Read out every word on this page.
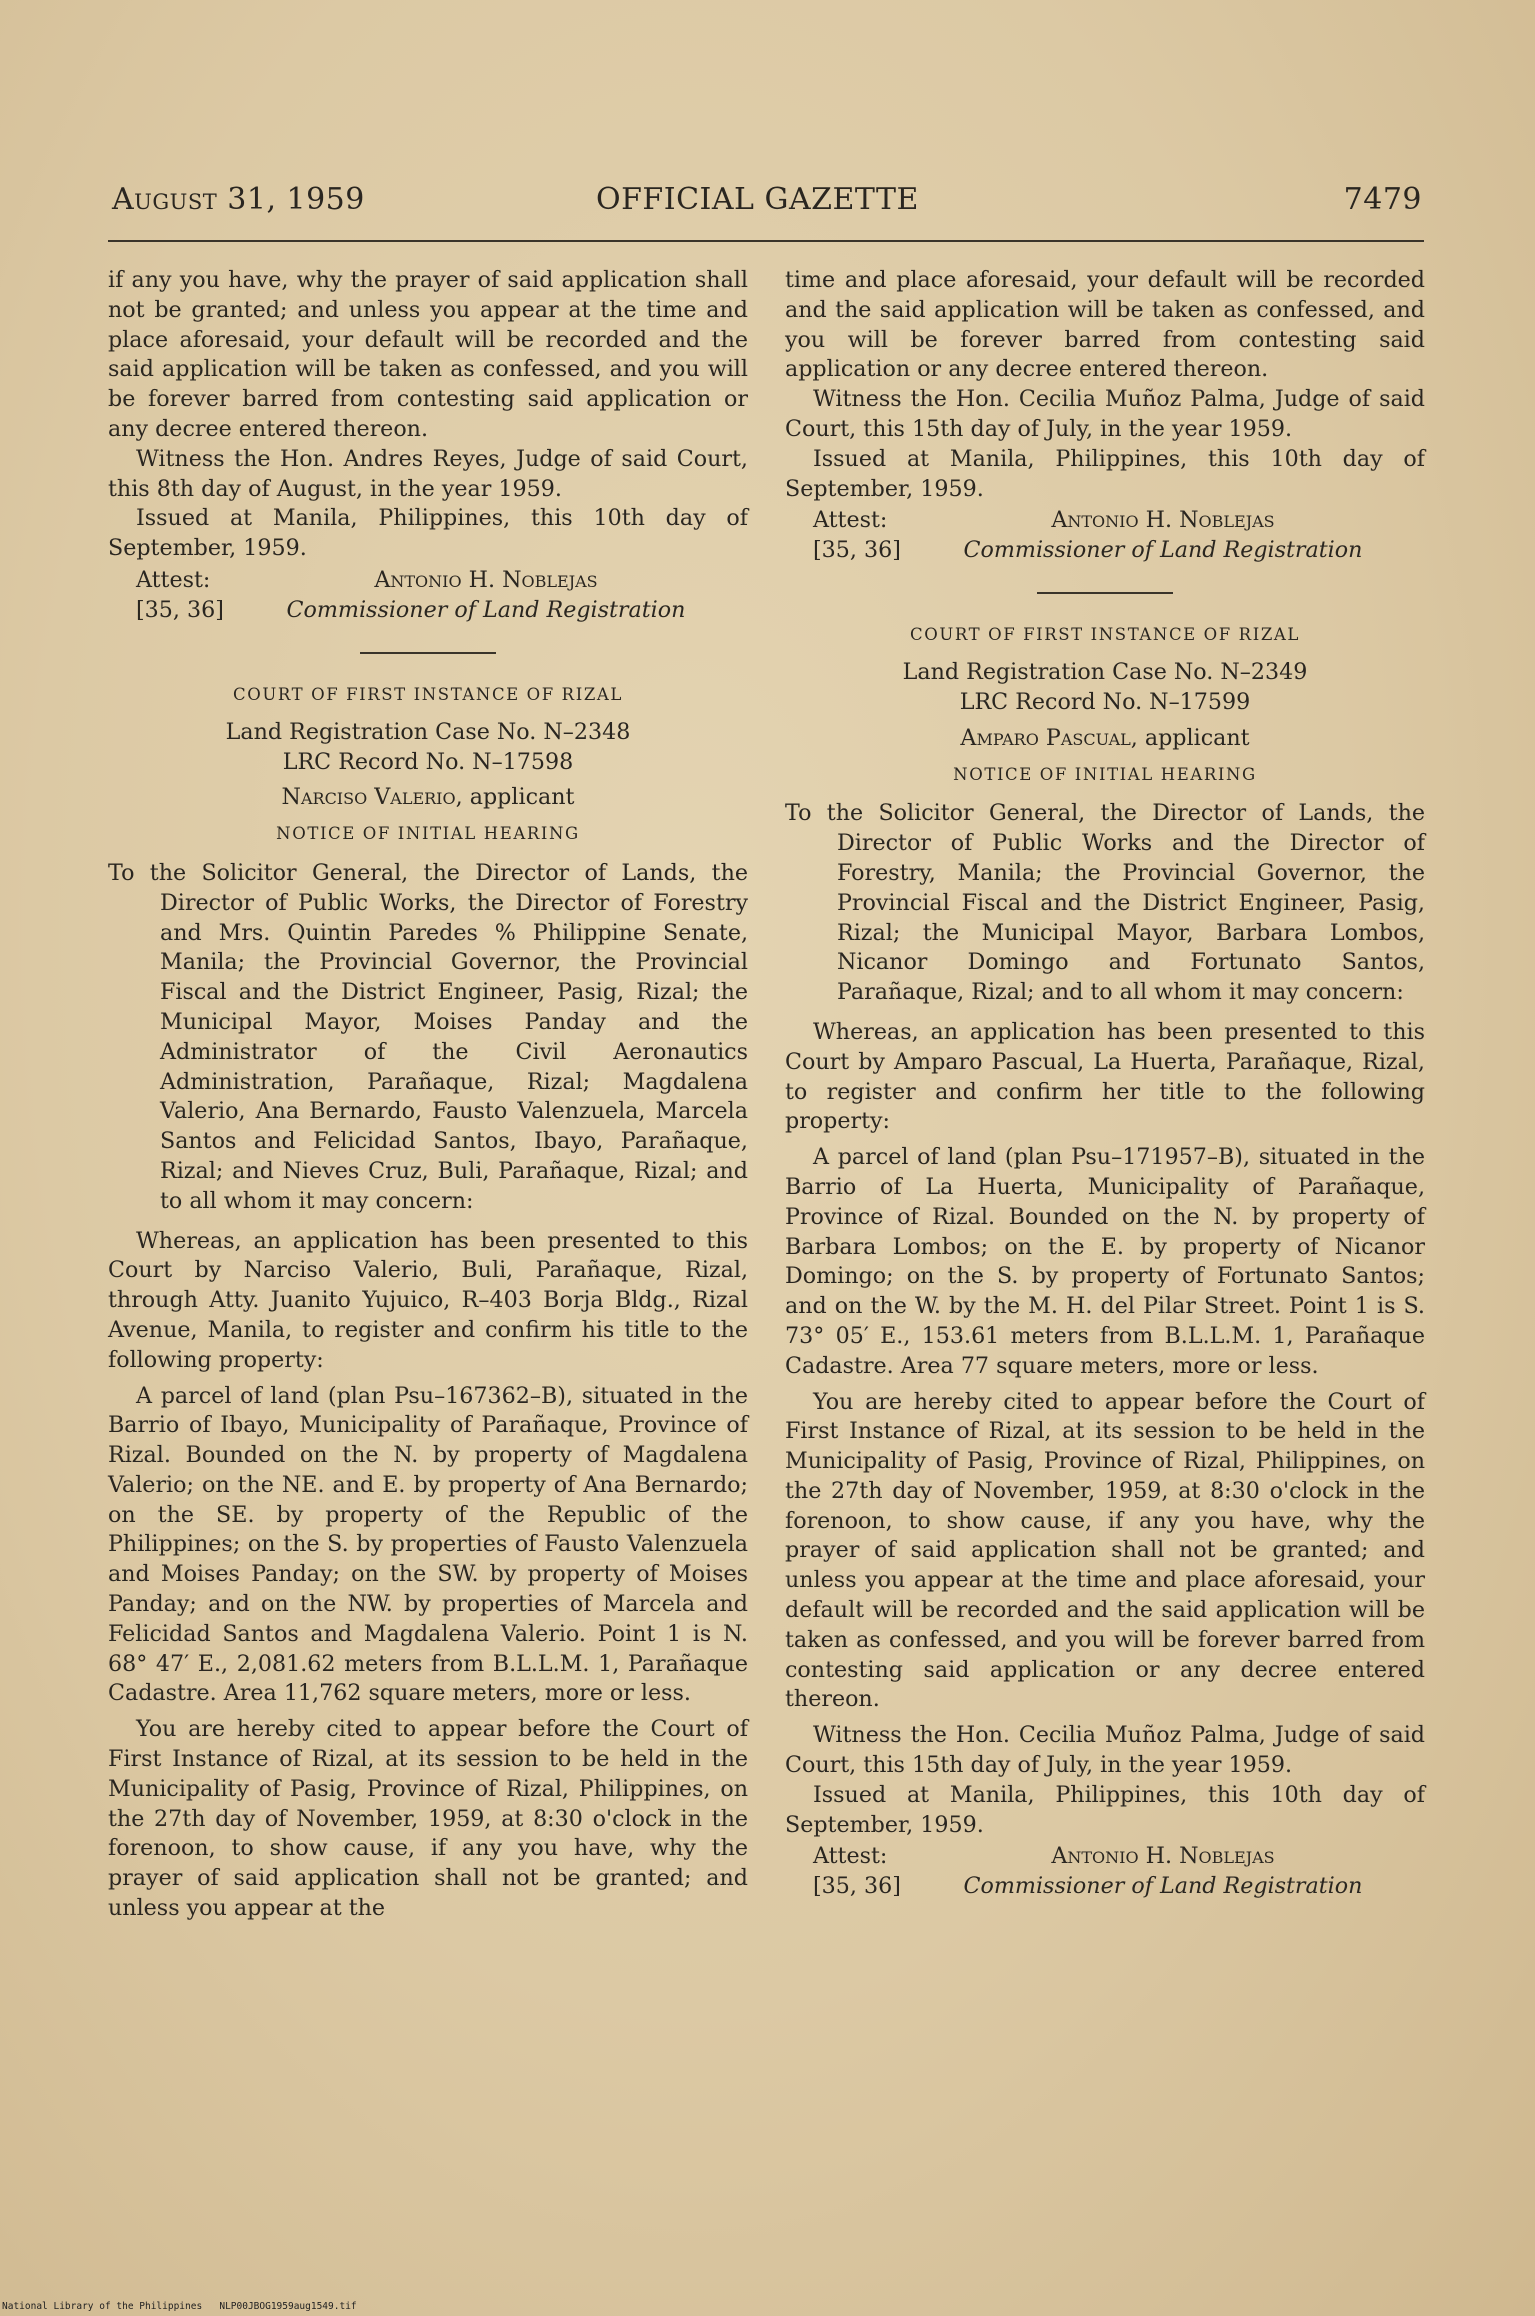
August 31, 1959	OFFICIAL GAZETTE	7479

if any you have, why the prayer of said application shall not be granted; and unless you appear at the time and place aforesaid, your default will be recorded and the said application will be taken as confessed, and you will be forever barred from contesting said application or any decree entered thereon.

Witness the Hon. Andres Reyes, Judge of said Court, this 8th day of August, in the year 1959.

Issued at Manila, Philippines, this 10th day of September, 1959.

Attest:	Antonio H. Noblejas
[35, 36]	Commissioner of Land Registration

COURT OF FIRST INSTANCE OF RIZAL

Land Registration Case No. N–2348

LRC Record No. N–17598

Narciso Valerio, applicant

NOTICE OF INITIAL HEARING

To the Solicitor General, the Director of Lands, the Director of Public Works, the Director of Forestry and Mrs. Quintin Paredes % Philippine Senate, Manila; the Provincial Governor, the Provincial Fiscal and the District Engineer, Pasig, Rizal; the Municipal Mayor, Moises Panday and the Administrator of the Civil Aeronautics Administration, Parañaque, Rizal; Magdalena Valerio, Ana Bernardo, Fausto Valenzuela, Marcela Santos and Felicidad Santos, Ibayo, Parañaque, Rizal; and Nieves Cruz, Buli, Parañaque, Rizal; and to all whom it may concern:

Whereas, an application has been presented to this Court by Narciso Valerio, Buli, Parañaque, Rizal, through Atty. Juanito Yujuico, R–403 Borja Bldg., Rizal Avenue, Manila, to register and confirm his title to the following property:

A parcel of land (plan Psu–167362–B), situated in the Barrio of Ibayo, Municipality of Parañaque, Province of Rizal. Bounded on the N. by property of Magdalena Valerio; on the NE. and E. by property of Ana Bernardo; on the SE. by property of the Republic of the Philippines; on the S. by properties of Fausto Valenzuela and Moises Panday; on the SW. by property of Moises Panday; and on the NW. by properties of Marcela and Felicidad Santos and Magdalena Valerio. Point 1 is N. 68° 47′ E., 2,081.62 meters from B.L.L.M. 1, Parañaque Cadastre. Area 11,762 square meters, more or less.

You are hereby cited to appear before the Court of First Instance of Rizal, at its session to be held in the Municipality of Pasig, Province of Rizal, Philippines, on the 27th day of November, 1959, at 8:30 o'clock in the forenoon, to show cause, if any you have, why the prayer of said application shall not be granted; and unless you appear at the

time and place aforesaid, your default will be recorded and the said application will be taken as confessed, and you will be forever barred from contesting said application or any decree entered thereon.

Witness the Hon. Cecilia Muñoz Palma, Judge of said Court, this 15th day of July, in the year 1959.

Issued at Manila, Philippines, this 10th day of September, 1959.

Attest:	Antonio H. Noblejas
[35, 36]	Commissioner of Land Registration

COURT OF FIRST INSTANCE OF RIZAL

Land Registration Case No. N–2349

LRC Record No. N–17599

Amparo Pascual, applicant

NOTICE OF INITIAL HEARING

To the Solicitor General, the Director of Lands, the Director of Public Works and the Director of Forestry, Manila; the Provincial Governor, the Provincial Fiscal and the District Engineer, Pasig, Rizal; the Municipal Mayor, Barbara Lombos, Nicanor Domingo and Fortunato Santos, Parañaque, Rizal; and to all whom it may concern:

Whereas, an application has been presented to this Court by Amparo Pascual, La Huerta, Parañaque, Rizal, to register and confirm her title to the following property:

A parcel of land (plan Psu–171957–B), situated in the Barrio of La Huerta, Municipality of Parañaque, Province of Rizal. Bounded on the N. by property of Barbara Lombos; on the E. by property of Nicanor Domingo; on the S. by property of Fortunato Santos; and on the W. by the M. H. del Pilar Street. Point 1 is S. 73° 05′ E., 153.61 meters from B.L.L.M. 1, Parañaque Cadastre. Area 77 square meters, more or less.

You are hereby cited to appear before the Court of First Instance of Rizal, at its session to be held in the Municipality of Pasig, Province of Rizal, Philippines, on the 27th day of November, 1959, at 8:30 o'clock in the forenoon, to show cause, if any you have, why the prayer of said application shall not be granted; and unless you appear at the time and place aforesaid, your default will be recorded and the said application will be taken as confessed, and you will be forever barred from contesting said application or any decree entered thereon.

Witness the Hon. Cecilia Muñoz Palma, Judge of said Court, this 15th day of July, in the year 1959.

Issued at Manila, Philippines, this 10th day of September, 1959.

Attest:	Antonio H. Noblejas
[35, 36]	Commissioner of Land Registration
National Library of the Philippines NLP00JBOG1959aug1549.tif
